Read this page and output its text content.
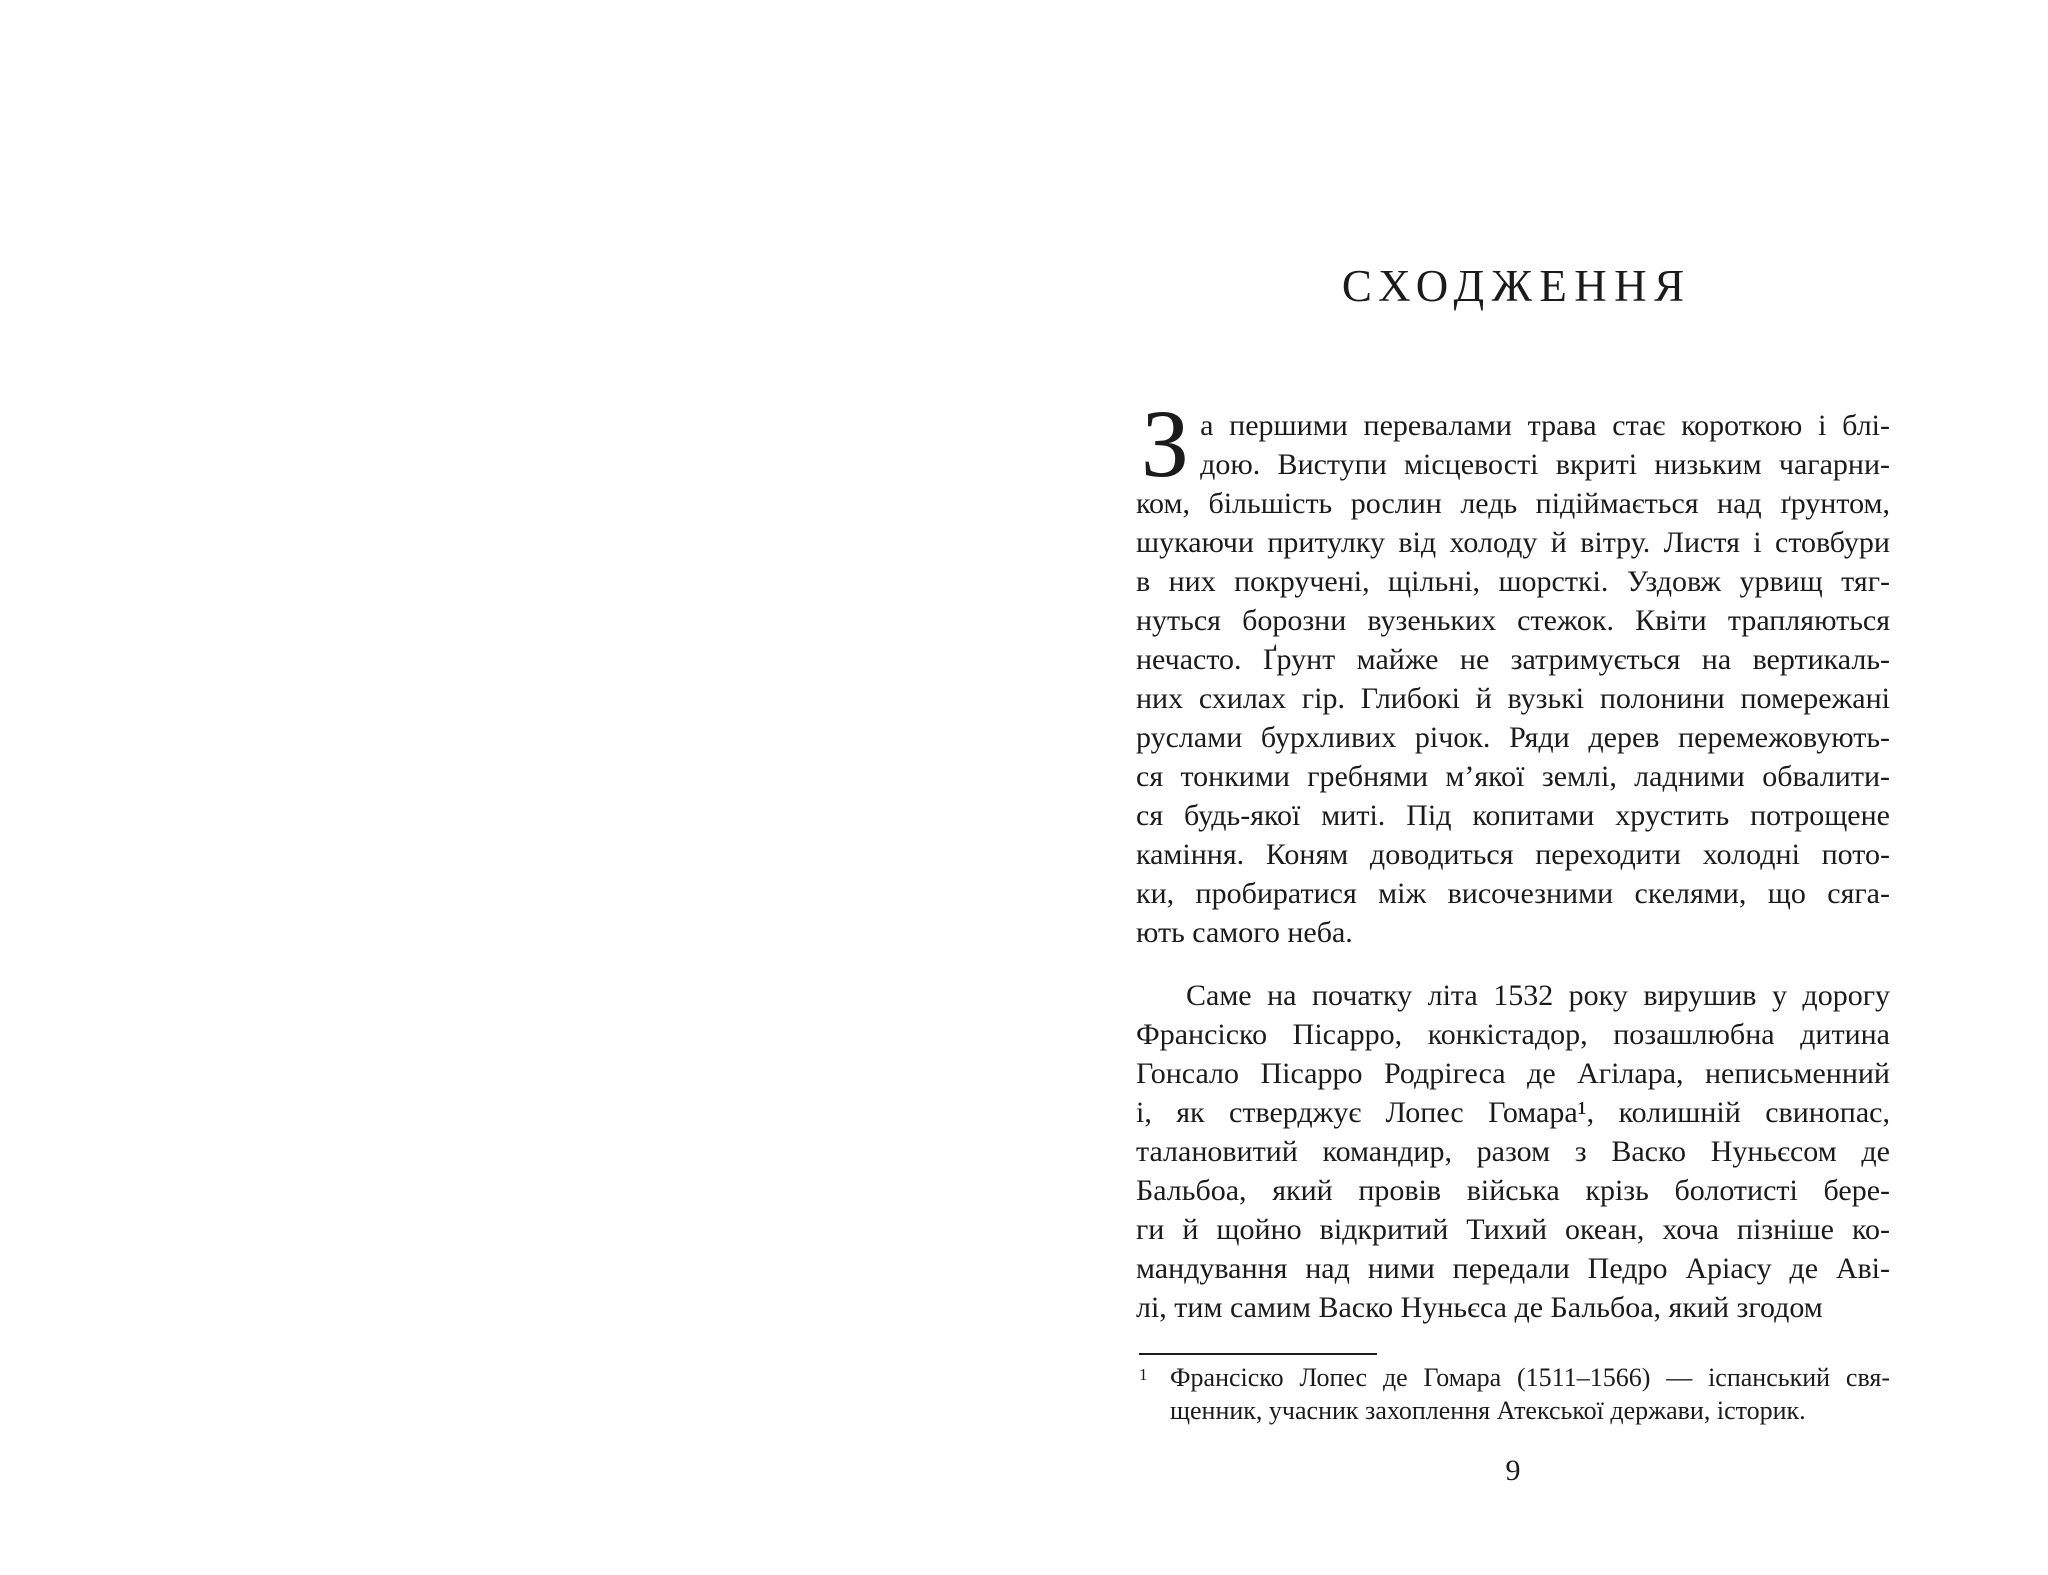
СХОДЖЕННЯ
З а першими перевалами трава стає короткою і блі-
дою. Виступи місцевості вкриті низьким чагарни-
ком, більшість рослин ледь підіймається над ґрунтом,
шукаючи притулку від холоду й вітру. Листя і стовбури
в них покручені, щільні, шорсткі. Уздовж урвищ тяг-
нуться борозни вузеньких стежок. Квіти трапляються
нечасто. Ґрунт майже не затримується на вертикаль-
них схилах гір. Глибокі й вузькі полонини помережані
руслами бурхливих річок. Ряди дерев перемежовують-
ся тонкими гребнями м’якої землі, ладними обвалити-
ся будь-якої миті. Під копитами хрустить потрощене
каміння. Коням доводиться переходити холодні пото-
ки, пробиратися між височезними скелями, що сяга-
ють самого неба.
Саме на початку літа 1532 року вирушив у дорогу
Франсіско Пісарро, конкістадор, позашлюбна дитина
Гонсало Пісарро Родрігеса де Агілара, неписьменний
і, як стверджує Лопес Гомара¹, колишній свинопас,
талановитий командир, разом з Васко Нуньєсом де
Бальбоа, який провів війська крізь болотисті бере-
ги й щойно відкритий Тихий океан, хоча пізніше ко-
мандування над ними передали Педро Аріасу де Аві-
лі, тим самим Васко Нуньєса де Бальбоа, який згодом
1 Франсіско Лопес де Гомара (1511–1566) — іспанський свя-
щенник, учасник захоплення Атекської держави, історик.
9
